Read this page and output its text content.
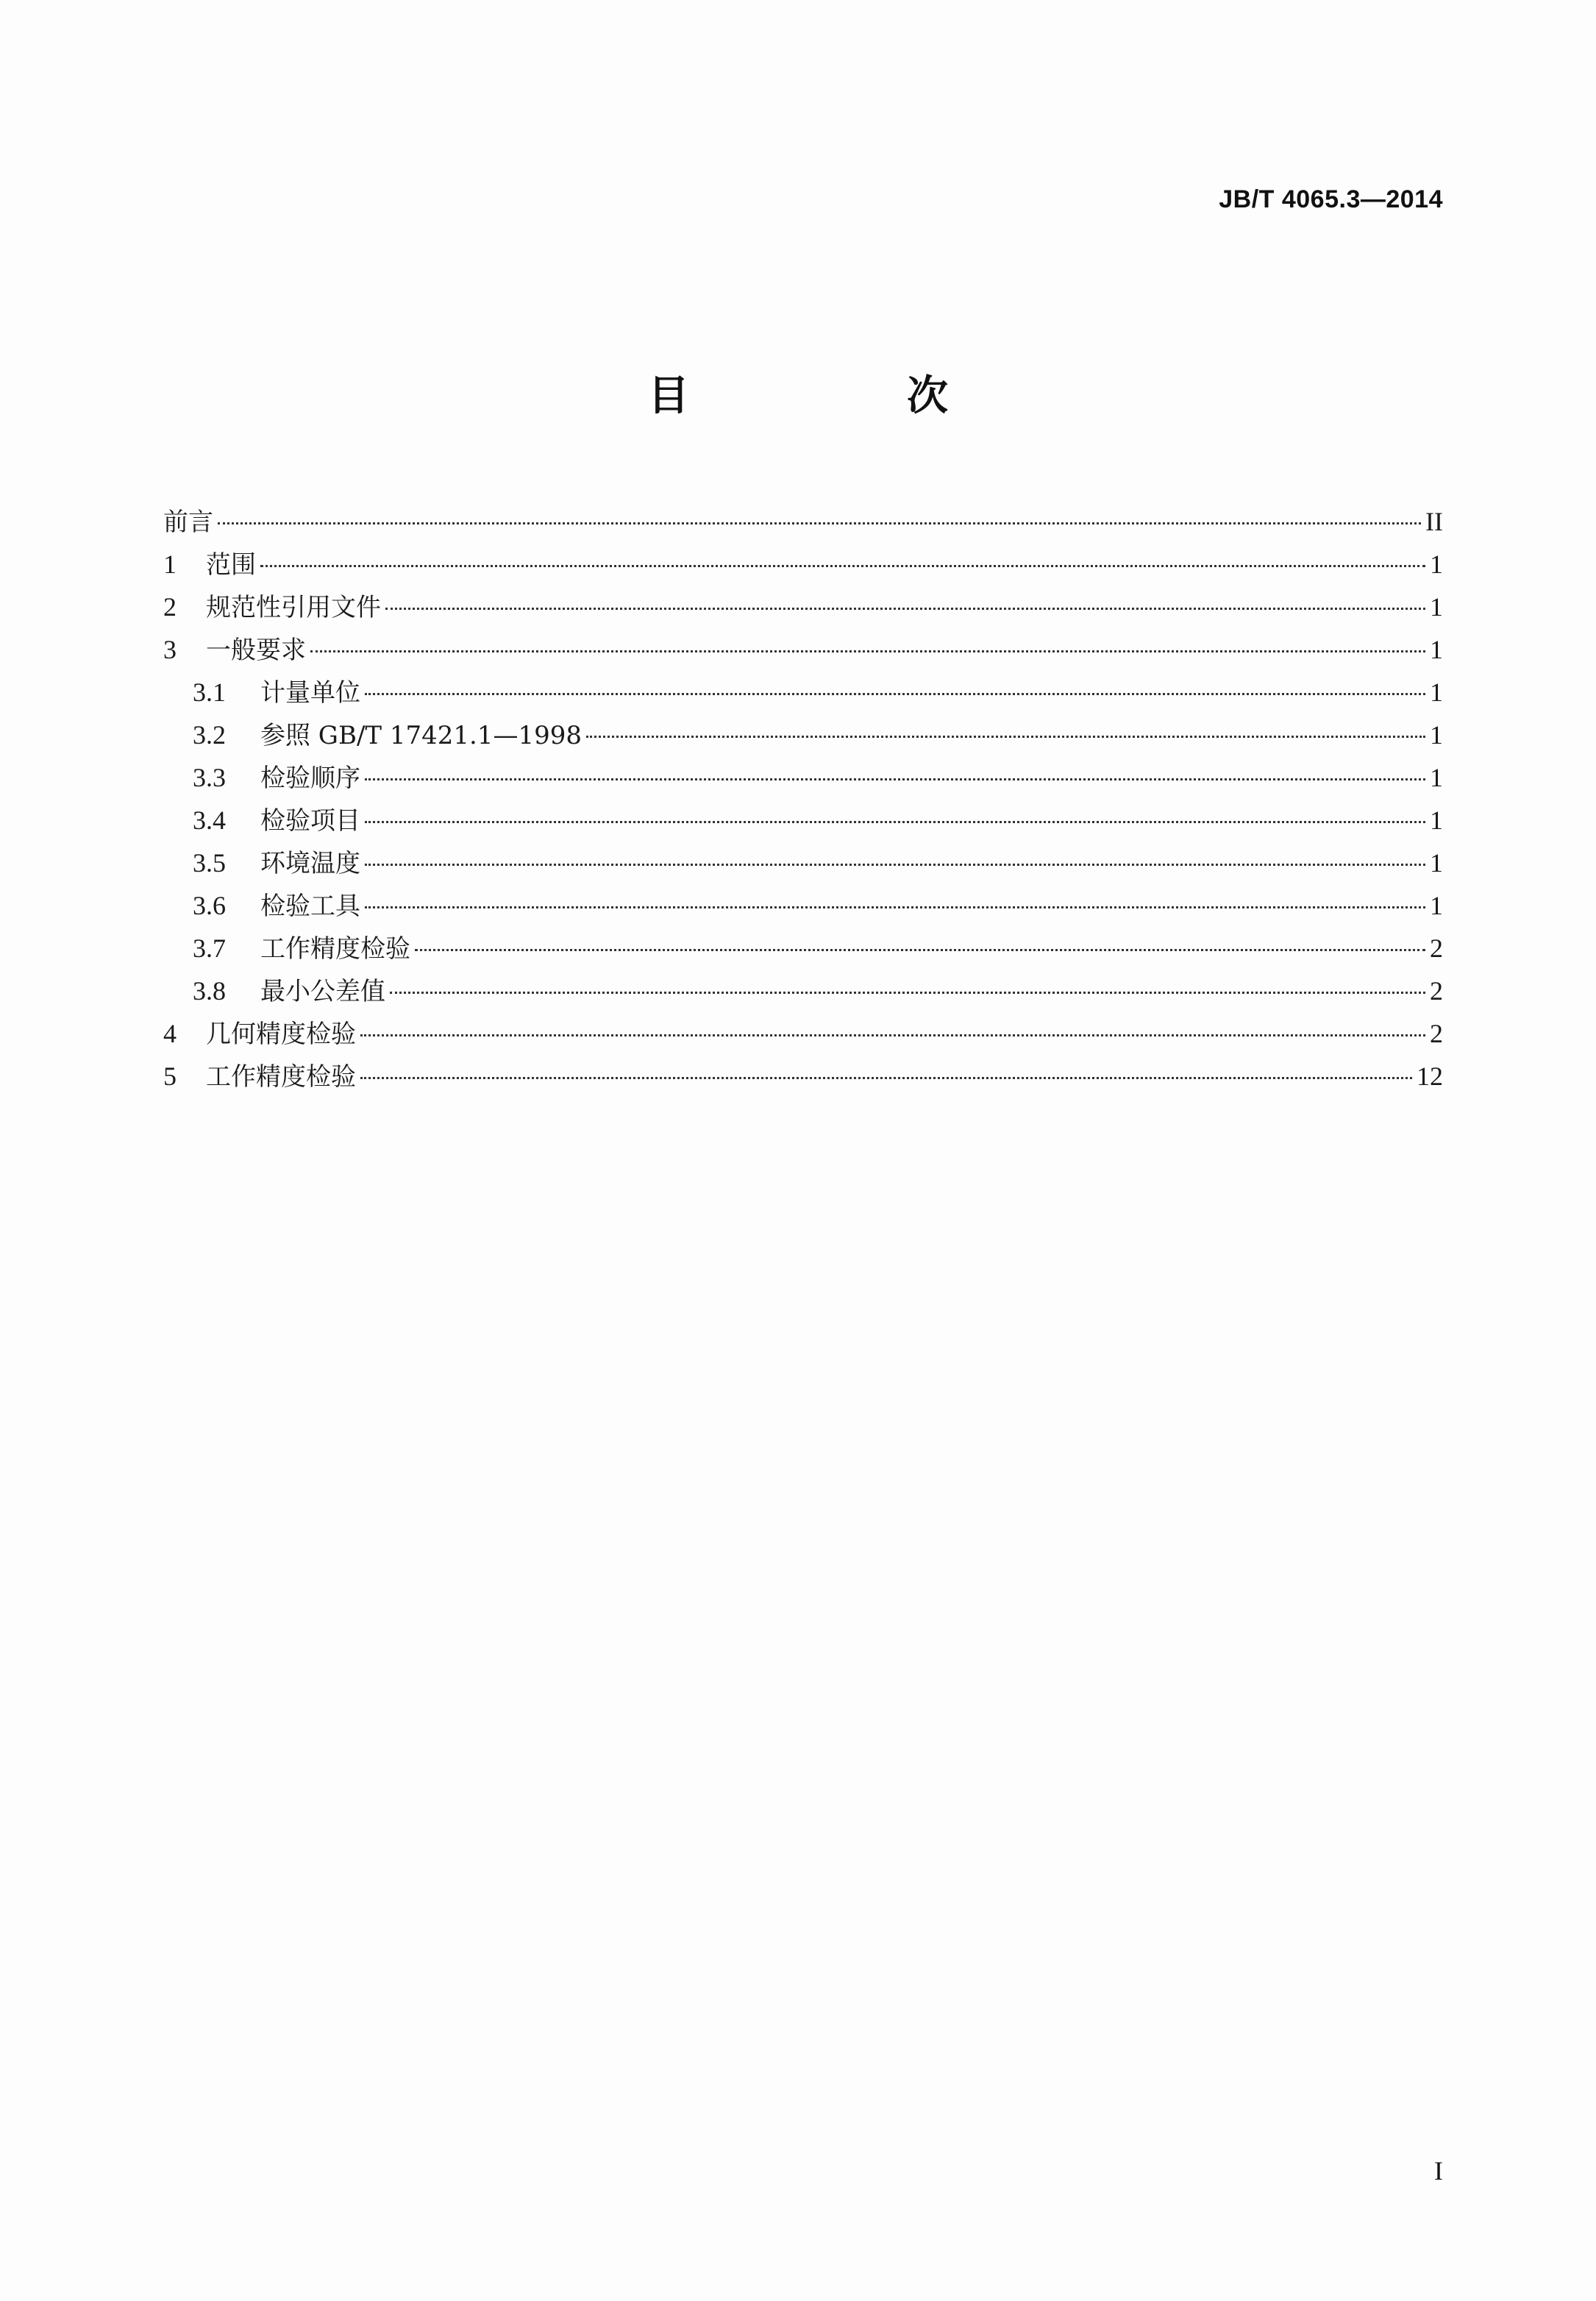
JB/T 4065.3—2014
目　次
前言	II
1	范围	1
2	规范性引用文件	1
3	一般要求	1
3.1	计量单位	1
3.2	参照 GB/T 17421.1—1998	1
3.3	检验顺序	1
3.4	检验项目	1
3.5	环境温度	1
3.6	检验工具	1
3.7	工作精度检验	2
3.8	最小公差值	2
4	几何精度检验	2
5	工作精度检验	12
I
